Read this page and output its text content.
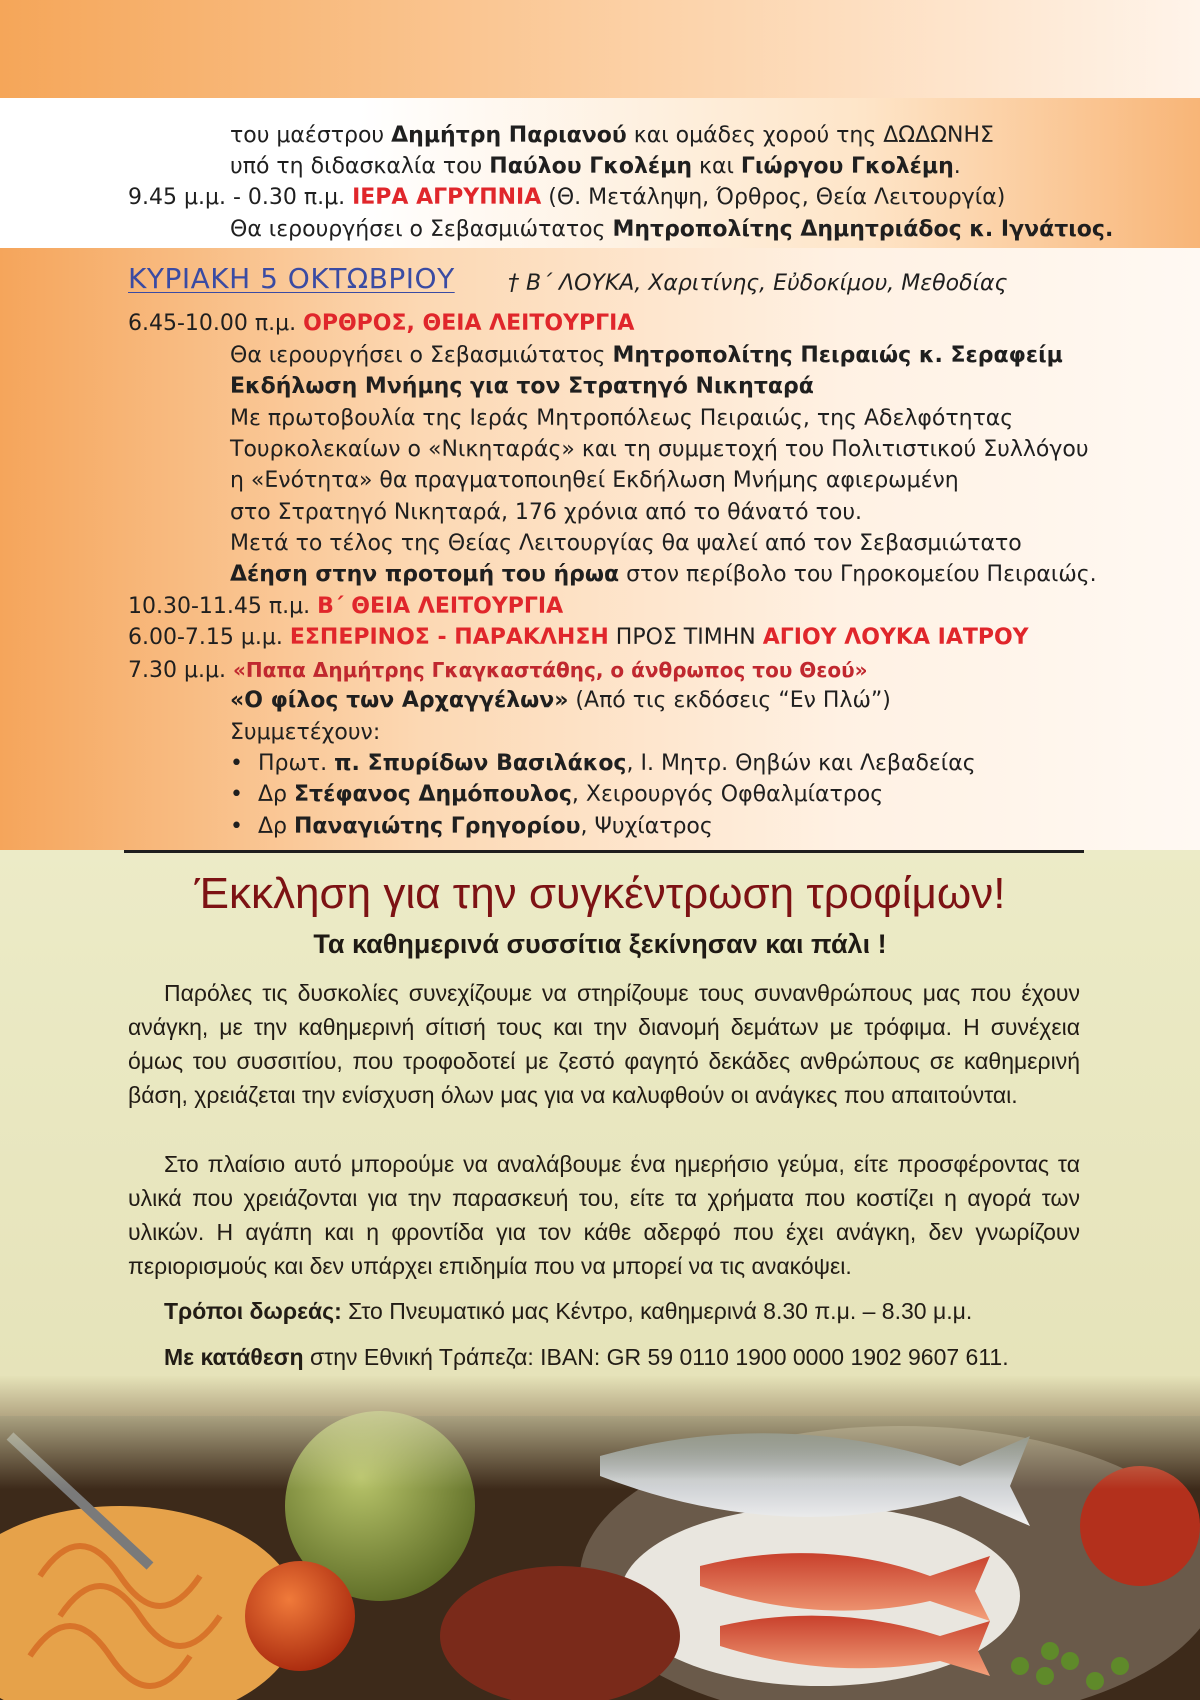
του μαέστρου Δημήτρη Παριανού και ομάδες χορού της ΔΩΔΩΝΗΣ
υπό τη διδασκαλία του Παύλου Γκολέμη και Γιώργου Γκολέμη.
9.45 μ.μ. - 0.30 π.μ. ΙΕΡΑ ΑΓΡΥΠΝΙΑ (Θ. Μετάληψη, Όρθρος, Θεία Λειτουργία)
Θα ιερουργήσει ο Σεβασμιώτατος Μητροπολίτης Δημητριάδος κ. Ιγνάτιος.
ΚΥΡΙΑΚΗ 5 ΟΚΤΩΒΡΙΟΥ † Β΄ ΛΟΥΚΑ, Χαριτίνης, Εὐδοκίμου, Μεθοδίας
6.45-10.00 π.μ. ΟΡΘΡΟΣ, ΘΕΙΑ ΛΕΙΤΟΥΡΓΙΑ
Θα ιερουργήσει ο Σεβασμιώτατος Μητροπολίτης Πειραιώς κ. Σεραφείμ
Εκδήλωση Μνήμης για τον Στρατηγό Νικηταρά
Με πρωτοβουλία της Ιεράς Μητροπόλεως Πειραιώς, της Αδελφότητας
Τουρκολεκαίων ο «Νικηταράς» και τη συμμετοχή του Πολιτιστικού Συλλόγου
η «Ενότητα» θα πραγματοποιηθεί Εκδήλωση Μνήμης αφιερωμένη
στο Στρατηγό Νικηταρά, 176 χρόνια από το θάνατό του.
Μετά το τέλος της Θείας Λειτουργίας θα ψαλεί από τον Σεβασμιώτατο
Δέηση στην προτομή του ήρωα στον περίβολο του Γηροκομείου Πειραιώς.
10.30-11.45 π.μ. Β΄ ΘΕΙΑ ΛΕΙΤΟΥΡΓΙΑ
6.00-7.15 μ.μ. ΕΣΠΕΡΙΝΟΣ - ΠΑΡΑΚΛΗΣΗ ΠΡΟΣ ΤΙΜΗΝ ΑΓΙΟΥ ΛΟΥΚΑ ΙΑΤΡΟΥ
7.30 μ.μ. «Παπα Δημήτρης Γκαγκαστάθης, ο άνθρωπος του Θεού»
«Ο φίλος των Αρχαγγέλων» (Από τις εκδόσεις “Εν Πλώ”)
Συμμετέχουν:
• Πρωτ. π. Σπυρίδων Βασιλάκος, Ι. Μητρ. Θηβών και Λεβαδείας
• Δρ Στέφανος Δημόπουλος, Χειρουργός Οφθαλμίατρος
• Δρ Παναγιώτης Γρηγορίου, Ψυχίατρος
Έκκληση για την συγκέντρωση τροφίμων!
Τα καθημερινά συσσίτια ξεκίνησαν και πάλι !
Παρόλες τις δυσκολίες συνεχίζουμε να στηρίζουμε τους συνανθρώπους μας που έχουν ανάγκη, με την καθημερινή σίτισή τους και την διανομή δεμάτων με τρόφιμα. Η συνέχεια όμως του συσσιτίου, που τροφοδοτεί με ζεστό φαγητό δεκάδες ανθρώπους σε καθημερινή βάση, χρειάζεται την ενίσχυση όλων μας για να καλυφθούν οι ανάγκες που απαιτούνται.
Στο πλαίσιο αυτό μπορούμε να αναλάβουμε ένα ημερήσιο γεύμα, είτε προσφέροντας τα υλικά που χρειάζονται για την παρασκευή του, είτε τα χρήματα που κοστίζει η αγορά των υλικών. Η αγάπη και η φροντίδα για τον κάθε αδερφό που έχει ανάγκη, δεν γνωρίζουν περιορισμούς και δεν υπάρχει επιδημία που να μπορεί να τις ανακόψει.
Τρόποι δωρεάς: Στο Πνευματικό μας Κέντρο, καθημερινά 8.30 π.μ. – 8.30 μ.μ.
Με κατάθεση στην Εθνική Τράπεζα: IBAN: GR 59 0110 1900 0000 1902 9607 611.
